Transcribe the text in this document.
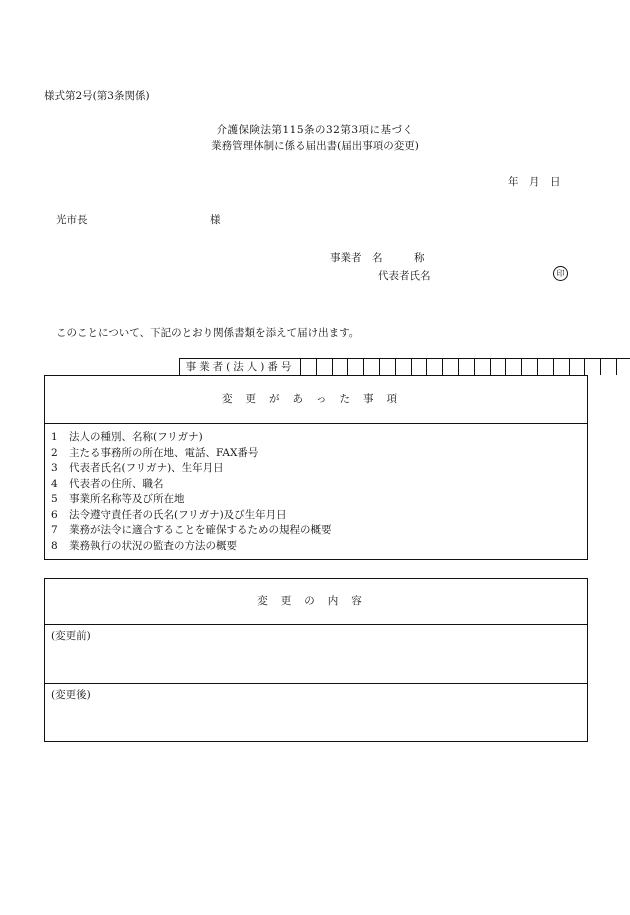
様式第2号(第3条関係)
介護保険法第115条の32第3項に基づく
業務管理体制に係る届出書(届出事項の変更)
年　月　日
光市長	様
事業者　名　　　称
代表者氏名	印
このことについて、下記のとおり関係書類を添えて届け出ます。
事業者(法人)番号
変更があった事項
1 法人の種別、名称(フリガナ)
2 主たる事務所の所在地、電話、FAX番号
3 代表者氏名(フリガナ)、生年月日
4 代表者の住所、職名
5 事業所名称等及び所在地
6 法令遵守責任者の氏名(フリガナ)及び生年月日
7 業務が法令に適合することを確保するための規程の概要
8 業務執行の状況の監査の方法の概要
変更の内容
(変更前)
(変更後)
